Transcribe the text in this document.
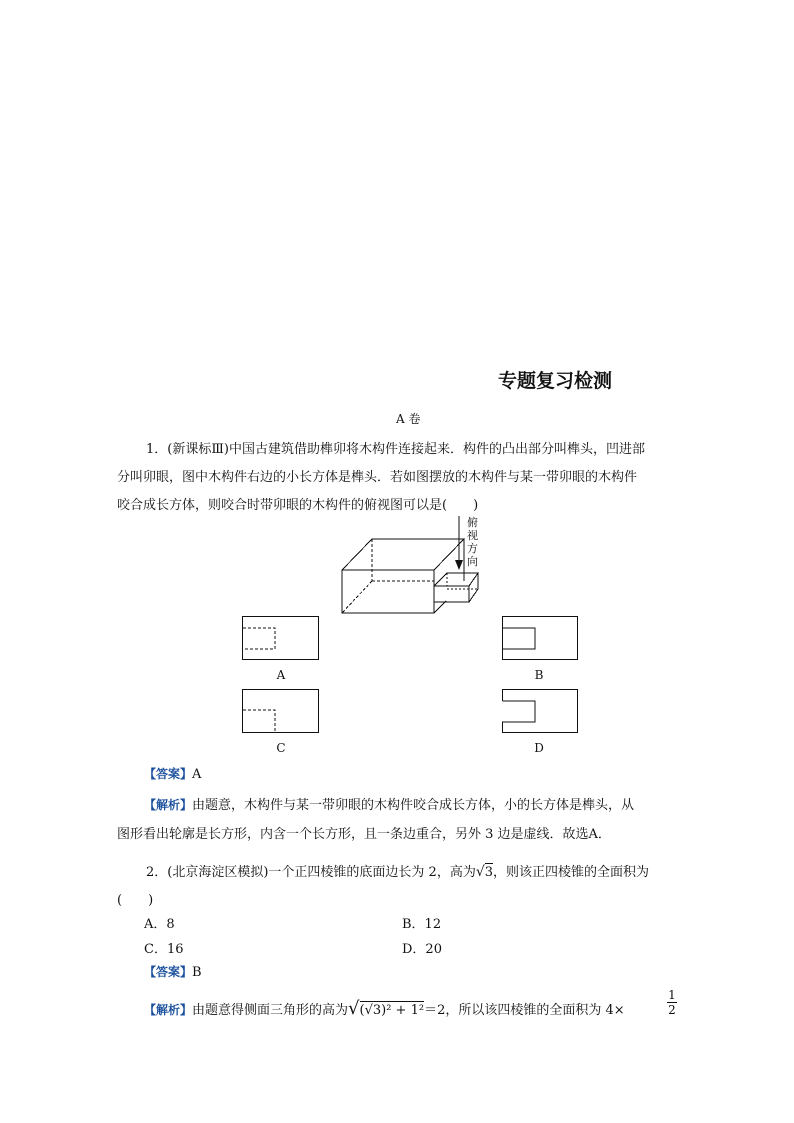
专题复习检测
A 卷
1．(新课标Ⅲ)中国古建筑借助榫卯将木构件连接起来．构件的凸出部分叫榫头，凹进部
分叫卯眼，图中木构件右边的小长方体是榫头．若如图摆放的木构件与某一带卯眼的木构件
咬合成长方体，则咬合时带卯眼的木构件的俯视图可以是(　　)
俯
视
方
向
A	B
C	D
【答案】A
【解析】由题意，木构件与某一带卯眼的木构件咬合成长方体，小的长方体是榫头，从
图形看出轮廓是长方形，内含一个长方形，且一条边重合，另外 3 边是虚线．故选A．
2．(北京海淀区模拟)一个正四棱锥的底面边长为 2，高为√3，则该正四棱锥的全面积为
(　　)
A．8	B．12
C．16	D．20
【答案】B
【解析】由题意得侧面三角形的高为√(√3)² + 1²＝2，所以该四棱锥的全面积为 4×
1
2
